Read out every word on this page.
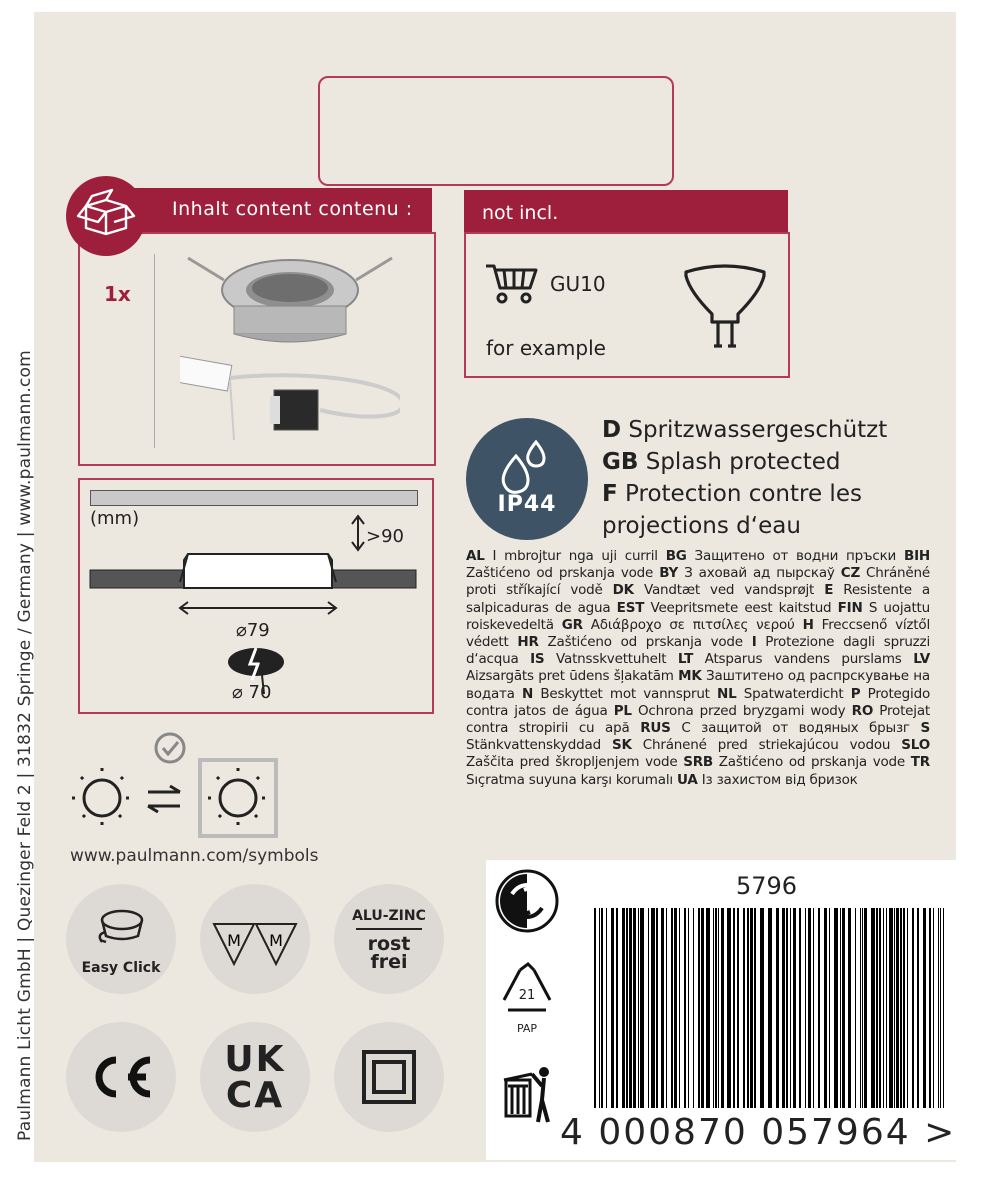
Paulmann Licht GmbH | Quezinger Feld 2 | 31832 Springe / Germany | www.paulmann.com
Inhalt content contenu :
1x
not incl.
GU10
for example
IP44
D Spritzwassergeschützt
GB Splash protected
F Protection contre les
projections d‘eau
AL I mbrojtur nga uji curril BG Защитено от водни пръски BIH Zaštićeno od prskanja vode BY З аховай ад пырскаў CZ Chráněné proti stříkající vodě DK Vandtæt ved vandsprøjt E Resistente a salpicaduras de agua EST Veepritsmete eest kaitstud FIN S uojattu roiskevedeltä GR Αδιάβροχο σε πιτσίλες νερού H Freccsenő víztől védett HR Zaštićeno od prskanja vode I Protezione dagli spruzzi d‘acqua IS Vatnsskvettuhelt LT Atsparus vandens purslams LV Aizsargāts pret ūdens šļakatām MK Заштитено од распрскување на водата N Beskyttet mot vannsprut NL Spatwaterdicht P Protegido contra jatos de água PL Ochrona przed bryzgami wody RO Protejat contra stropirii cu apă RUS С защитой от водяных брызг S Stänkvattenskyddad SK Chránené pred striekajúcou vodou SLO Zaščita pred škropljenjem vode SRB Zaštićeno od prskanja vode TR Sıçratma suyuna karşı korumalı UA Із захистом від бризок
(mm)
>90
⌀79
⌀ 70
www.paulmann.com/symbols
Easy Click
M M
ALU-ZINC
rost
frei
UK
CA
21
PAP
5796
4 000870 057964 >
